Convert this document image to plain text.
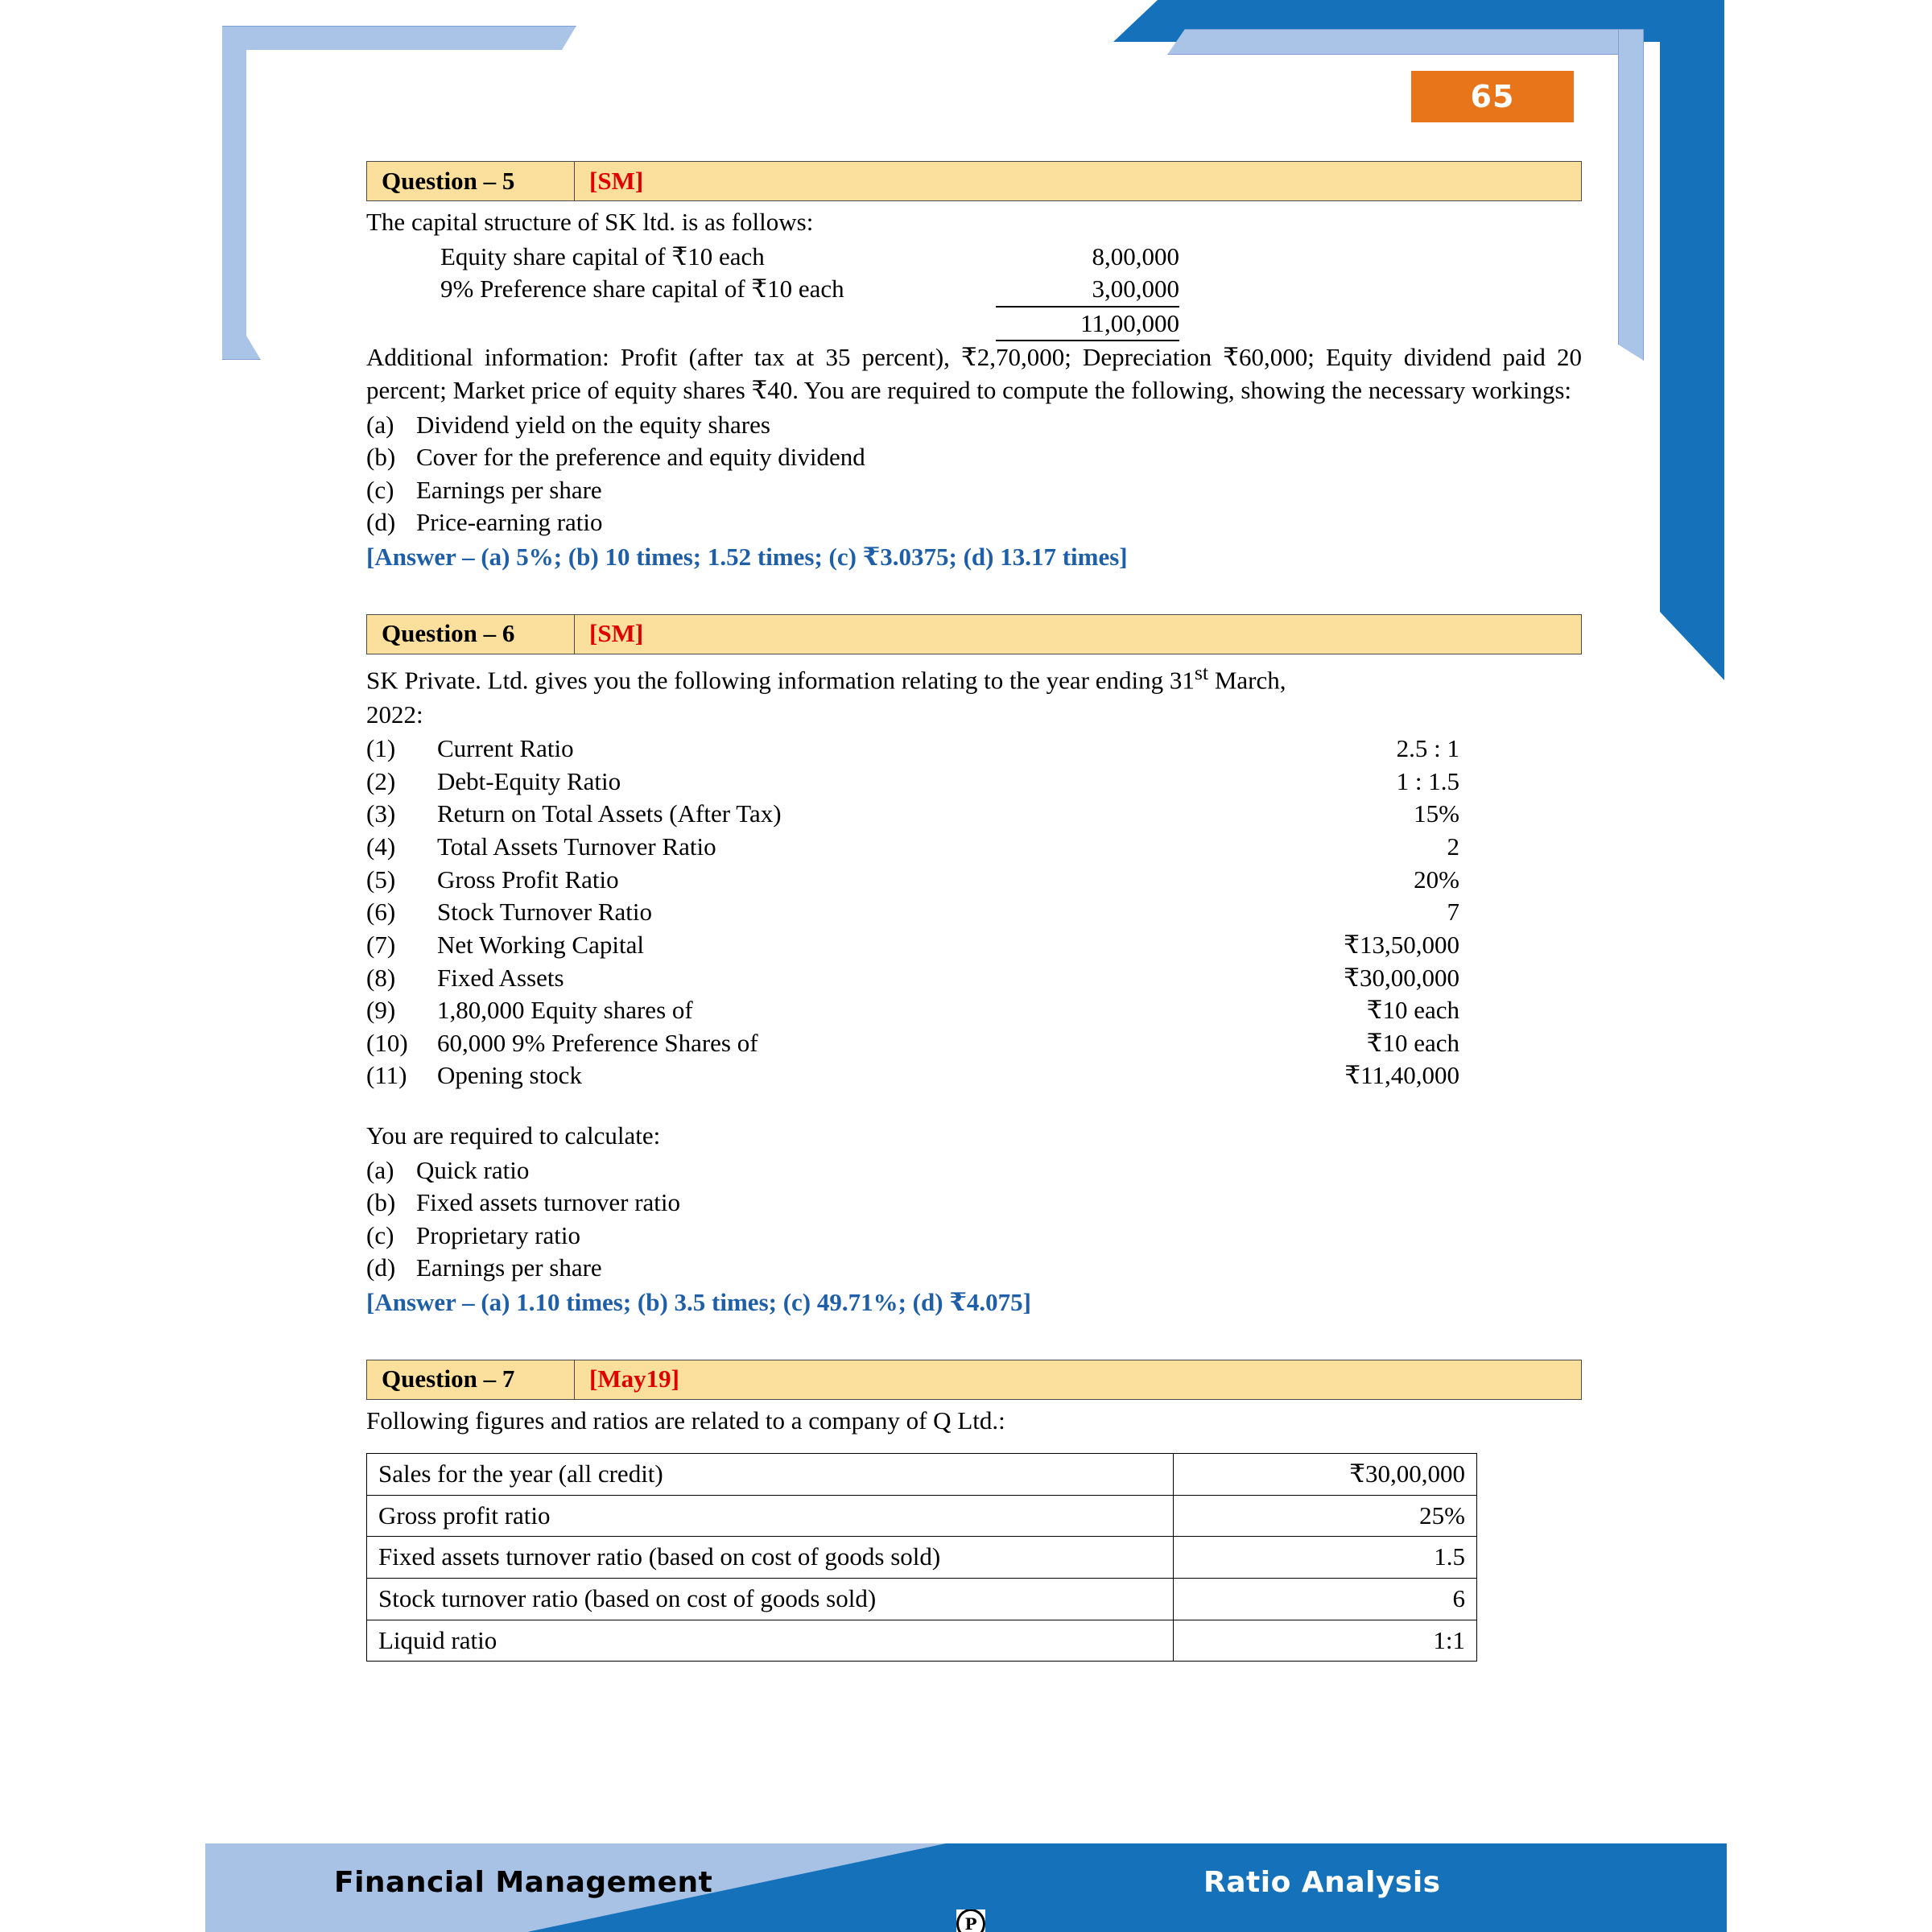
65
Question – 5	[SM]

The capital structure of SK ltd. is as follows:

Equity share capital of ₹10 each	8,00,000
9% Preference share capital of ₹10 each	3,00,000
11,00,000

Additional information: Profit (after tax at 35 percent), ₹2,70,000; Depreciation ₹60,000; Equity dividend paid 20 percent; Market price of equity shares ₹40. You are required to compute the following, showing the necessary workings:

(a) Dividend yield on the equity shares
(b) Cover for the preference and equity dividend
(c) Earnings per share
(d) Price-earning ratio
[Answer – (a) 5%; (b) 10 times; 1.52 times; (c) ₹3.0375; (d) 13.17 times]
Question – 6	[SM]

SK Private. Ltd. gives you the following information relating to the year ending 31st March,

2022:

(1)	Current Ratio	2.5 : 1
(2)	Debt-Equity Ratio	1 : 1.5
(3)	Return on Total Assets (After Tax)	15%
(4)	Total Assets Turnover Ratio	2
(5)	Gross Profit Ratio	20%
(6)	Stock Turnover Ratio	7
(7)	Net Working Capital	₹13,50,000
(8)	Fixed Assets	₹30,00,000
(9)	1,80,000 Equity shares of	₹10 each
(10)	60,000 9% Preference Shares of	₹10 each
(11)	Opening stock	₹11,40,000

You are required to calculate:

(a) Quick ratio
(b) Fixed assets turnover ratio
(c) Proprietary ratio
(d) Earnings per share
[Answer – (a) 1.10 times; (b) 3.5 times; (c) 49.71%; (d) ₹4.075]
Question – 7	[May19]

Following figures and ratios are related to a company of Q Ltd.:

Sales for the year (all credit)	₹30,00,000
Gross profit ratio	25%
Fixed assets turnover ratio (based on cost of goods sold)	1.5
Stock turnover ratio (based on cost of goods sold)	6
Liquid ratio	1:1
Financial Management	Ratio Analysis
P
